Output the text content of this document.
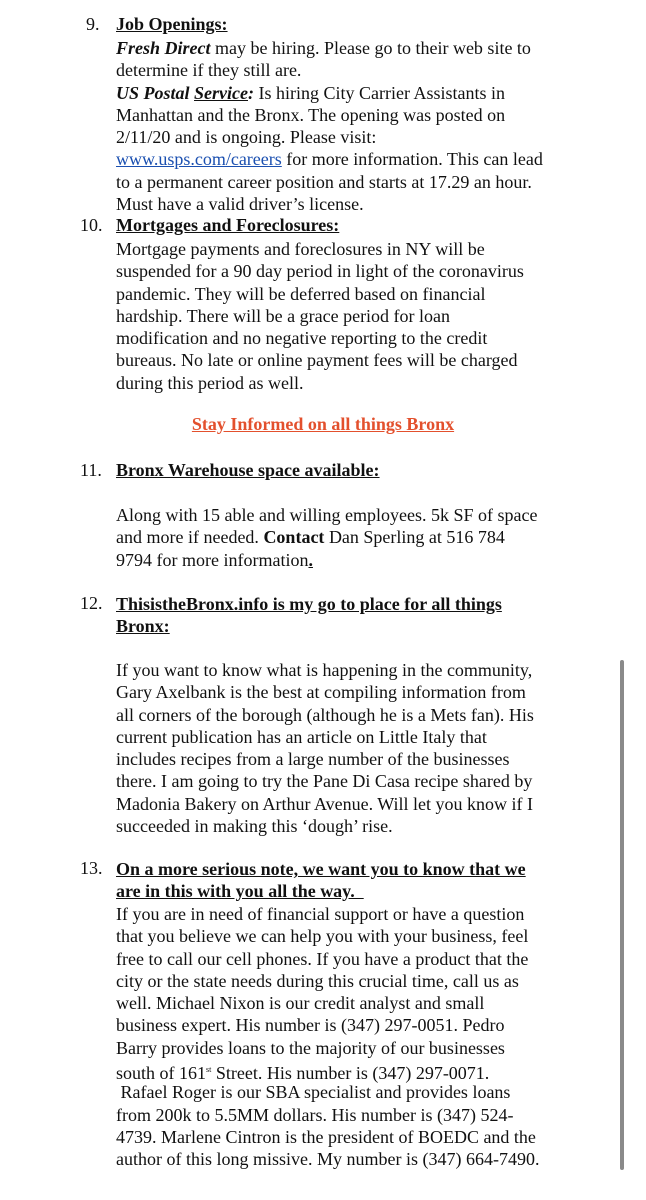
9. Job Openings:
Fresh Direct may be hiring. Please go to their web site to
determine if they still are.
US Postal Service: Is hiring City Carrier Assistants in
Manhattan and the Bronx. The opening was posted on
2/11/20 and is ongoing. Please visit:
www.usps.com/careers for more information. This can lead
to a permanent career position and starts at 17.29 an hour.
Must have a valid driver’s license.
10. Mortgages and Foreclosures:
Mortgage payments and foreclosures in NY will be
suspended for a 90 day period in light of the coronavirus
pandemic. They will be deferred based on financial
hardship. There will be a grace period for loan
modification and no negative reporting to the credit
bureaus. No late or online payment fees will be charged
during this period as well.
Stay Informed on all things Bronx
11. Bronx Warehouse space available:
Along with 15 able and willing employees. 5k SF of space
and more if needed. Contact Dan Sperling at 516 784
9794 for more information.
12. ThisistheBronx.info is my go to place for all things
Bronx:
If you want to know what is happening in the community,
Gary Axelbank is the best at compiling information from
all corners of the borough (although he is a Mets fan). His
current publication has an article on Little Italy that
includes recipes from a large number of the businesses
there. I am going to try the Pane Di Casa recipe shared by
Madonia Bakery on Arthur Avenue. Will let you know if I
succeeded in making this ‘dough’ rise.
13. On a more serious note, we want you to know that we
are in this with you all the way.
If you are in need of financial support or have a question
that you believe we can help you with your business, feel
free to call our cell phones. If you have a product that the
city or the state needs during this crucial time, call us as
well. Michael Nixon is our credit analyst and small
business expert. His number is (347) 297-0051. Pedro
Barry provides loans to the majority of our businesses
south of 161st Street. His number is (347) 297-0071.
Rafael Roger is our SBA specialist and provides loans
from 200k to 5.5MM dollars. His number is (347) 524-
4739. Marlene Cintron is the president of BOEDC and the
author of this long missive. My number is (347) 664-7490.
